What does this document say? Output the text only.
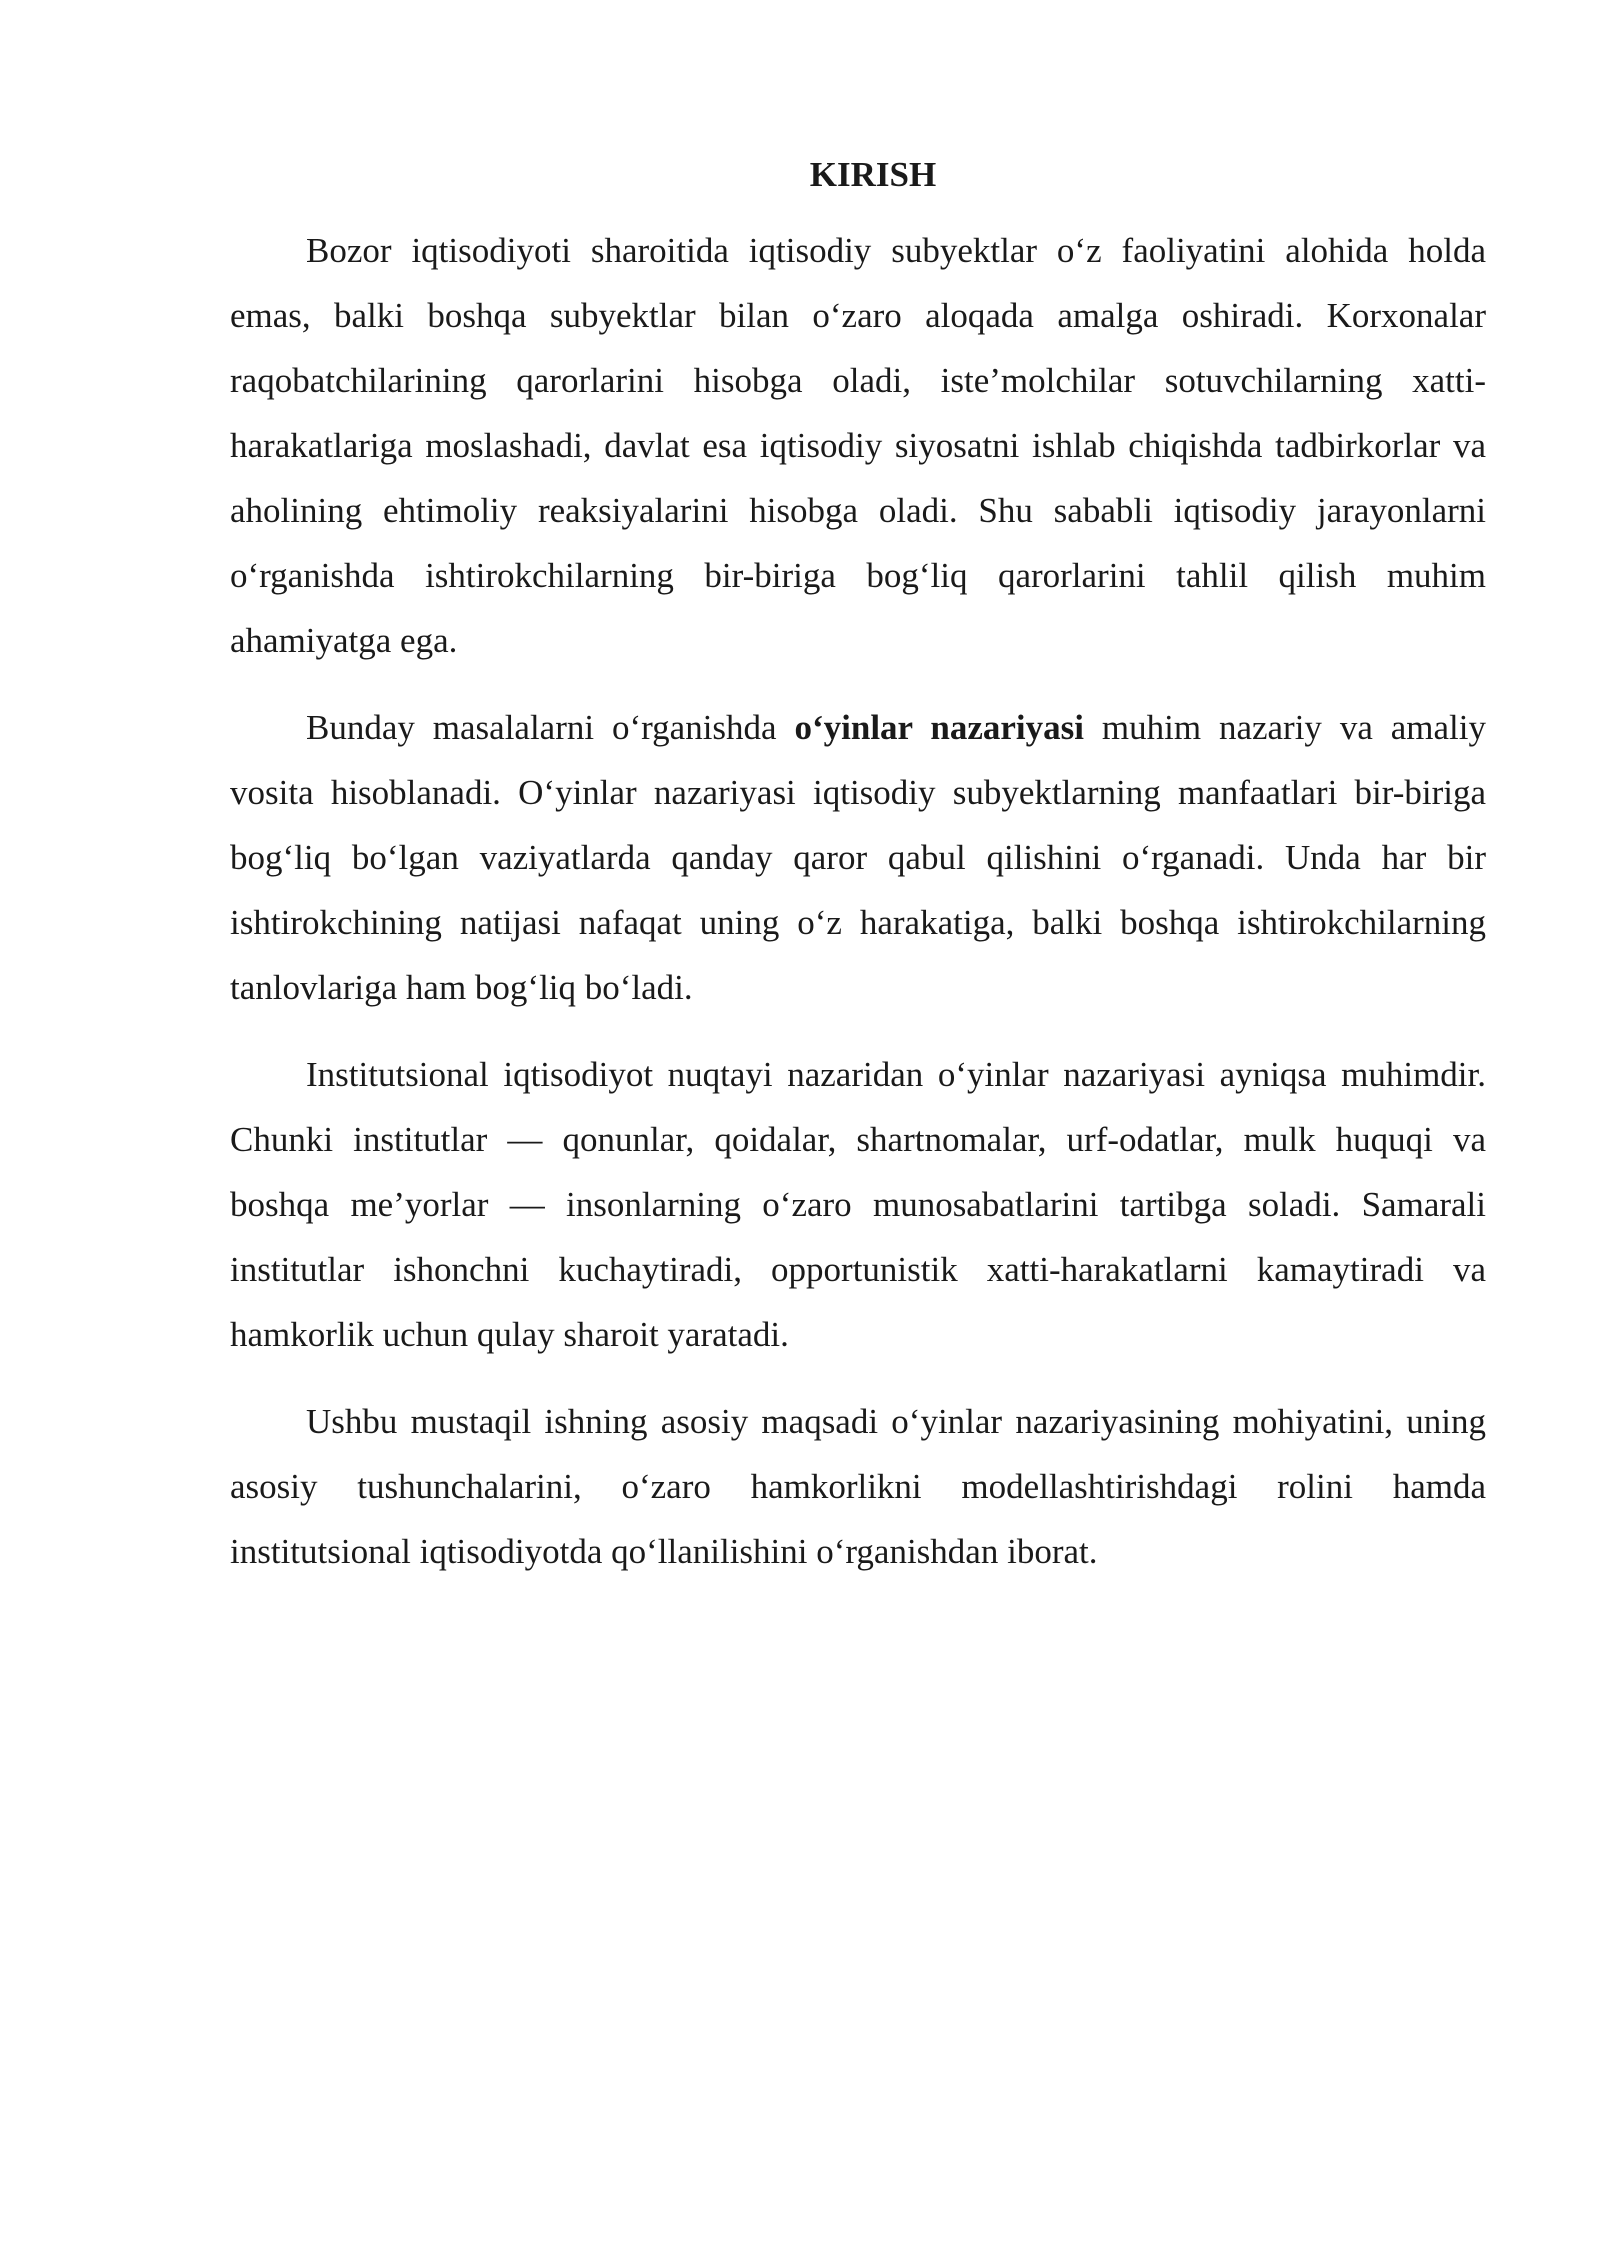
KIRISH

Bozor iqtisodiyoti sharoitida iqtisodiy subyektlar o‘z faoliyatini alohida holda emas, balki boshqa subyektlar bilan o‘zaro aloqada amalga oshiradi. Korxonalar raqobatchilarining qarorlarini hisobga oladi, iste’molchilar sotuvchilarning xatti-harakatlariga moslashadi, davlat esa iqtisodiy siyosatni ishlab chiqishda tadbirkorlar va aholining ehtimoliy reaksiyalarini hisobga oladi. Shu sababli iqtisodiy jarayonlarni o‘rganishda ishtirokchilarning bir-biriga bog‘liq qarorlarini tahlil qilish muhim ahamiyatga ega.

Bunday masalalarni o‘rganishda o‘yinlar nazariyasi muhim nazariy va amaliy vosita hisoblanadi. O‘yinlar nazariyasi iqtisodiy subyektlarning manfaatlari bir-biriga bog‘liq bo‘lgan vaziyatlarda qanday qaror qabul qilishini o‘rganadi. Unda har bir ishtirokchining natijasi nafaqat uning o‘z harakatiga, balki boshqa ishtirokchilarning tanlovlariga ham bog‘liq bo‘ladi.

Institutsional iqtisodiyot nuqtayi nazaridan o‘yinlar nazariyasi ayniqsa muhimdir. Chunki institutlar — qonunlar, qoidalar, shartnomalar, urf-odatlar, mulk huquqi va boshqa me’yorlar — insonlarning o‘zaro munosabatlarini tartibga soladi. Samarali institutlar ishonchni kuchaytiradi, opportunistik xatti-harakatlarni kamaytiradi va hamkorlik uchun qulay sharoit yaratadi.

Ushbu mustaqil ishning asosiy maqsadi o‘yinlar nazariyasining mohiyatini, uning asosiy tushunchalarini, o‘zaro hamkorlikni modellashtirishdagi rolini hamda institutsional iqtisodiyotda qo‘llanilishini o‘rganishdan iborat.
